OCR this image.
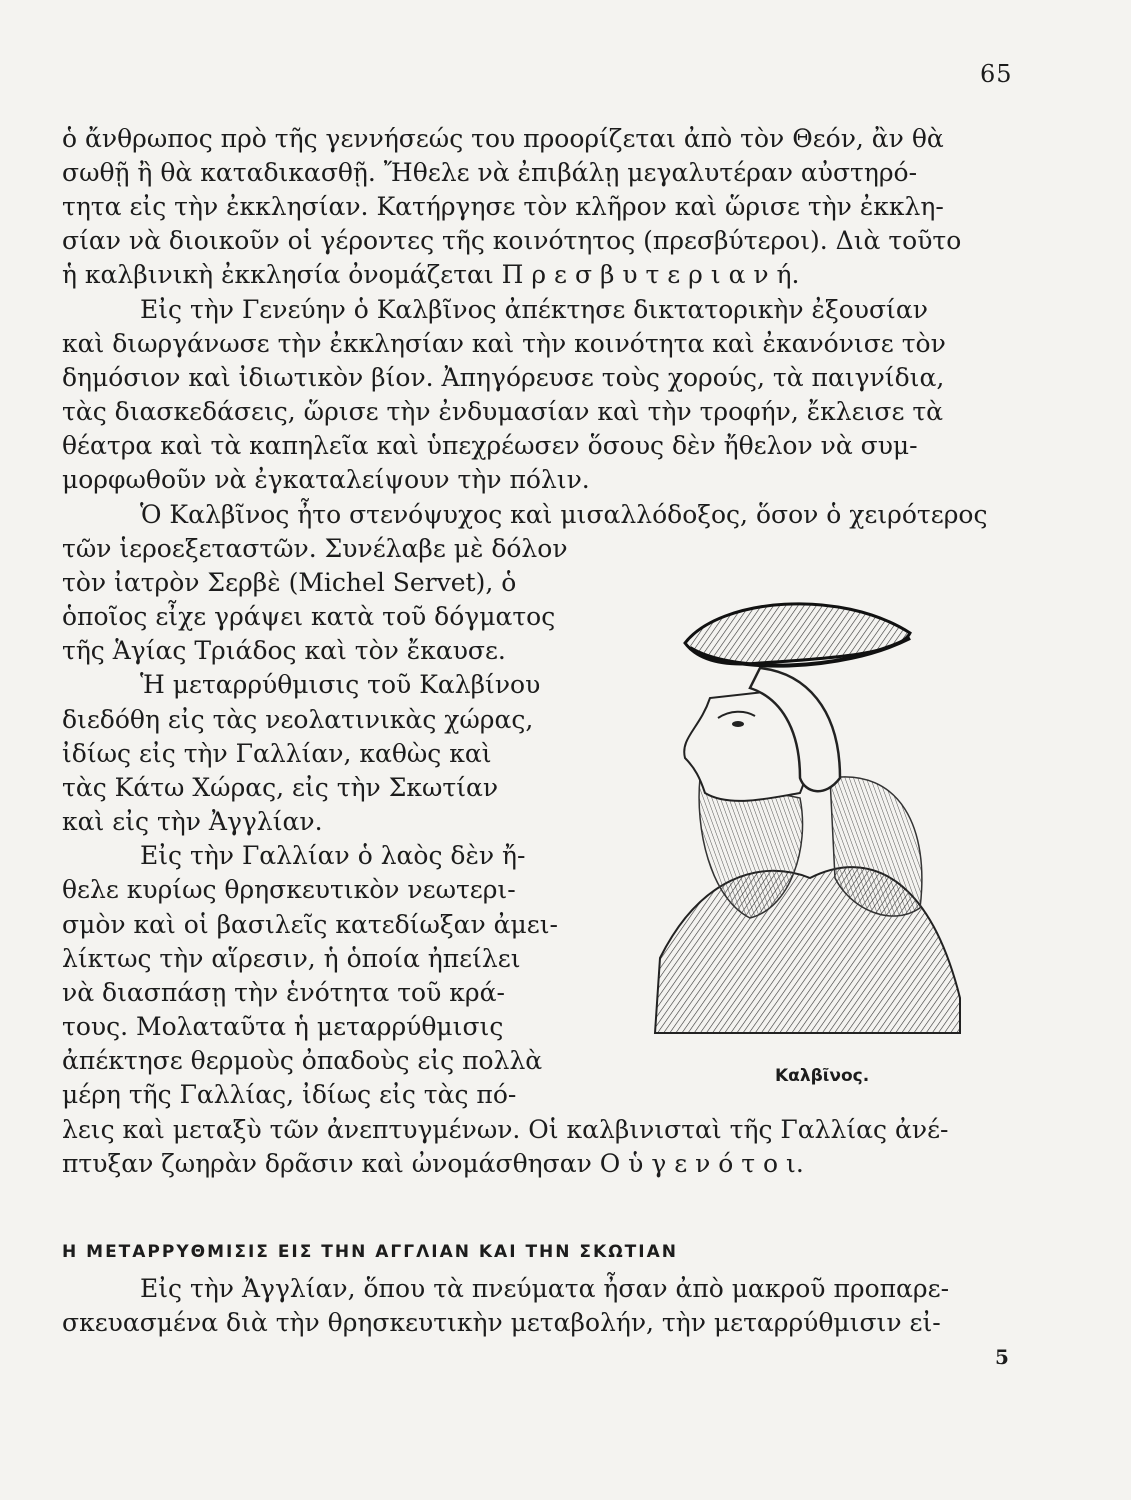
65
ὁ ἄνθρωπος πρὸ τῆς γεννήσεώς του προορίζεται ἀπὸ τὸν Θεόν, ἂν θὰ
σωθῇ ἢ θὰ καταδικασθῇ. Ἤθελε νὰ ἐπιβάλῃ μεγαλυτέραν αὐστηρό-
τητα εἰς τὴν ἐκκλησίαν. Κατήργησε τὸν κλῆρον καὶ ὥρισε τὴν ἐκκλη-
σίαν νὰ διοικοῦν οἱ γέροντες τῆς κοινότητος (πρεσβύτεροι). Διὰ τοῦτο
ἡ καλβινικὴ ἐκκλησία ὀνομάζεται Π ρ ε σ β υ τ ε ρ ι α ν ή.
Εἰς τὴν Γενεύην ὁ Καλβῖνος ἀπέκτησε δικτατορικὴν ἐξουσίαν
καὶ διωργάνωσε τὴν ἐκκλησίαν καὶ τὴν κοινότητα καὶ ἐκανόνισε τὸν
δημόσιον καὶ ἰδιωτικὸν βίον. Ἀπηγόρευσε τοὺς χορούς, τὰ παιγνίδια,
τὰς διασκεδάσεις, ὥρισε τὴν ἐνδυμασίαν καὶ τὴν τροφήν, ἔκλεισε τὰ
θέατρα καὶ τὰ καπηλεῖα καὶ ὑπεχρέωσεν ὅσους δὲν ἤθελον νὰ συμ-
μορφωθοῦν νὰ ἐγκαταλείψουν τὴν πόλιν.
Ὁ Καλβῖνος ἦτο στενόψυχος καὶ μισαλλόδοξος, ὅσον ὁ χειρότερος
τῶν ἱεροεξεταστῶν. Συνέλαβε μὲ δόλον
τὸν ἰατρὸν Σερβὲ (Michel Servet), ὁ
ὁποῖος εἶχε γράψει κατὰ τοῦ δόγματος
τῆς Ἁγίας Τριάδος καὶ τὸν ἔκαυσε.
Ἡ μεταρρύθμισις τοῦ Καλβίνου
διεδόθη εἰς τὰς νεολατινικὰς χώρας,
ἰδίως εἰς τὴν Γαλλίαν, καθὼς καὶ
τὰς Κάτω Χώρας, εἰς τὴν Σκωτίαν
καὶ εἰς τὴν Ἀγγλίαν.
Εἰς τὴν Γαλλίαν ὁ λαὸς δὲν ἤ-
θελε κυρίως θρησκευτικὸν νεωτερι-
σμὸν καὶ οἱ βασιλεῖς κατεδίωξαν ἀμει-
λίκτως τὴν αἵρεσιν, ἡ ὁποία ἠπείλει
νὰ διασπάσῃ τὴν ἑνότητα τοῦ κρά-
τους. Μολαταῦτα ἡ μεταρρύθμισις
ἀπέκτησε θερμοὺς ὀπαδοὺς εἰς πολλὰ
μέρη τῆς Γαλλίας, ἰδίως εἰς τὰς πό-
λεις καὶ μεταξὺ τῶν ἀνεπτυγμένων. Οἱ καλβινισταὶ τῆς Γαλλίας ἀνέ-
πτυξαν ζωηρὰν δρᾶσιν καὶ ὠνομάσθησαν Ο ὑ γ ε ν ό τ ο ι.
Καλβῖνος.
Η ΜΕΤΑΡΡΥΘΜΙΣΙΣ ΕΙΣ ΤΗΝ ΑΓΓΛΙΑΝ ΚΑΙ ΤΗΝ ΣΚΩΤΙΑΝ
Εἰς τὴν Ἀγγλίαν, ὅπου τὰ πνεύματα ἦσαν ἀπὸ μακροῦ προπαρε-
σκευασμένα διὰ τὴν θρησκευτικὴν μεταβολήν, τὴν μεταρρύθμισιν εἰ-
5
